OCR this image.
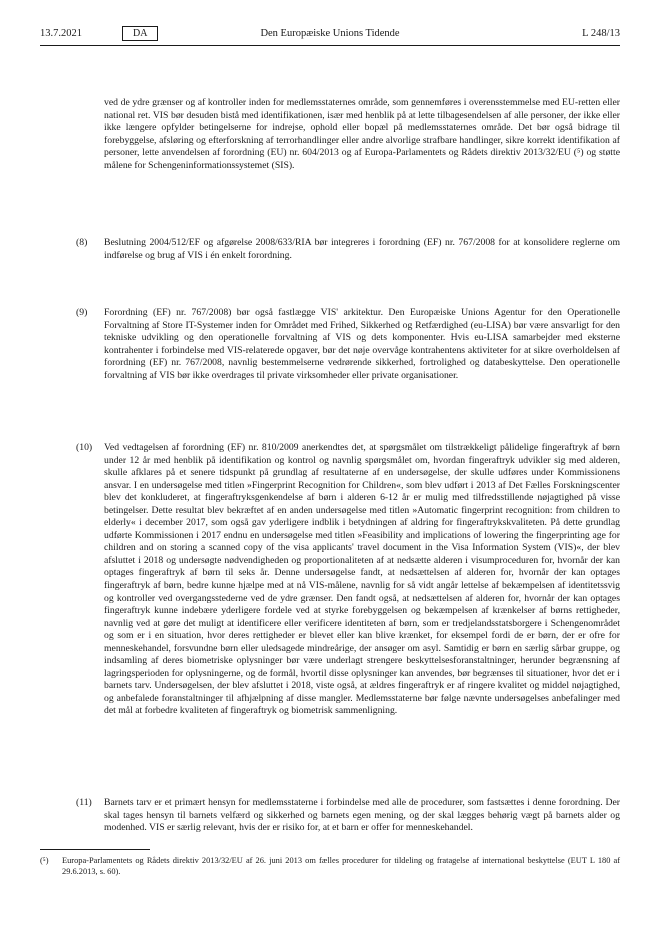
13.7.2021	DA	Den Europæiske Unions Tidende	L 248/13
ved de ydre grænser og af kontroller inden for medlemsstaternes område, som gennemføres i overensstemmelse med EU-retten eller national ret. VIS bør desuden bistå med identifikationen, især med henblik på at lette tilbagesendelsen af alle personer, der ikke eller ikke længere opfylder betingelserne for indrejse, ophold eller bopæl på medlemsstaternes område. Det bør også bidrage til forebyggelse, afsløring og efterforskning af terrorhandlinger eller andre alvorlige strafbare handlinger, sikre korrekt identifikation af personer, lette anvendelsen af forordning (EU) nr. 604/2013 og af Europa-Parlamentets og Rådets direktiv 2013/32/EU (⁵) og støtte målene for Schengeninformationssystemet (SIS).
(8) Beslutning 2004/512/EF og afgørelse 2008/633/RIA bør integreres i forordning (EF) nr. 767/2008 for at konsolidere reglerne om indførelse og brug af VIS i én enkelt forordning.
(9) Forordning (EF) nr. 767/2008) bør også fastlægge VIS' arkitektur. Den Europæiske Unions Agentur for den Operationelle Forvaltning af Store IT-Systemer inden for Området med Frihed, Sikkerhed og Retfærdighed (eu-LISA) bør være ansvarligt for den tekniske udvikling og den operationelle forvaltning af VIS og dets komponenter. Hvis eu-LISA samarbejder med eksterne kontrahenter i forbindelse med VIS-relaterede opgaver, bør det nøje overvåge kontrahentens aktiviteter for at sikre overholdelsen af forordning (EF) nr. 767/2008, navnlig bestemmelserne vedrørende sikkerhed, fortrolighed og databeskyttelse. Den operationelle forvaltning af VIS bør ikke overdrages til private virksomheder eller private organisationer.
(10) Ved vedtagelsen af forordning (EF) nr. 810/2009 anerkendtes det, at spørgsmålet om tilstrækkeligt pålidelige fingeraftryk af børn under 12 år med henblik på identifikation og kontrol og navnlig spørgsmålet om, hvordan fingeraftryk udvikler sig med alderen, skulle afklares på et senere tidspunkt på grundlag af resultaterne af en undersøgelse, der skulle udføres under Kommissionens ansvar. I en undersøgelse med titlen »Fingerprint Recognition for Children«, som blev udført i 2013 af Det Fælles Forskningscenter blev det konkluderet, at fingeraftryksgenkendelse af børn i alderen 6-12 år er mulig med tilfredsstillende nøjagtighed på visse betingelser. Dette resultat blev bekræftet af en anden undersøgelse med titlen »Automatic fingerprint recognition: from children to elderly« i december 2017, som også gav yderligere indblik i betydningen af aldring for fingeraftrykskvaliteten. På dette grundlag udførte Kommissionen i 2017 endnu en undersøgelse med titlen »Feasibility and implications of lowering the fingerprinting age for children and on storing a scanned copy of the visa applicants' travel document in the Visa Information System (VIS)«, der blev afsluttet i 2018 og undersøgte nødvendigheden og proportionaliteten af at nedsætte alderen i visumproceduren for, hvornår der kan optages fingeraftryk af børn til seks år. Denne undersøgelse fandt, at nedsættelsen af alderen for, hvornår der kan optages fingeraftryk af børn, bedre kunne hjælpe med at nå VIS-målene, navnlig for så vidt angår lettelse af bekæmpelsen af identitetssvig og kontroller ved overgangsstederne ved de ydre grænser. Den fandt også, at nedsættelsen af alderen for, hvornår der kan optages fingeraftryk kunne indebære yderligere fordele ved at styrke forebyggelsen og bekæmpelsen af krænkelser af børns rettigheder, navnlig ved at gøre det muligt at identificere eller verificere identiteten af børn, som er tredjelandsstatsborgere i Schengenområdet og som er i en situation, hvor deres rettigheder er blevet eller kan blive krænket, for eksempel fordi de er børn, der er ofre for menneskehandel, forsvundne børn eller uledsagede mindreårige, der ansøger om asyl. Samtidig er børn en særlig sårbar gruppe, og indsamling af deres biometriske oplysninger bør være underlagt strengere beskyttelsesforanstaltninger, herunder begrænsning af lagringsperioden for oplysningerne, og de formål, hvortil disse oplysninger kan anvendes, bør begrænses til situationer, hvor det er i barnets tarv. Undersøgelsen, der blev afsluttet i 2018, viste også, at ældres fingeraftryk er af ringere kvalitet og middel nøjagtighed, og anbefalede foranstaltninger til afhjælpning af disse mangler. Medlemsstaterne bør følge nævnte undersøgelses anbefalinger med det mål at forbedre kvaliteten af fingeraftryk og biometrisk sammenligning.
(11) Barnets tarv er et primært hensyn for medlemsstaterne i forbindelse med alle de procedurer, som fastsættes i denne forordning. Der skal tages hensyn til barnets velfærd og sikkerhed og barnets egen mening, og der skal lægges behørig vægt på barnets alder og modenhed. VIS er særlig relevant, hvis der er risiko for, at et barn er offer for menneskehandel.
(⁵) Europa-Parlamentets og Rådets direktiv 2013/32/EU af 26. juni 2013 om fælles procedurer for tildeling og fratagelse af international beskyttelse (EUT L 180 af 29.6.2013, s. 60).
